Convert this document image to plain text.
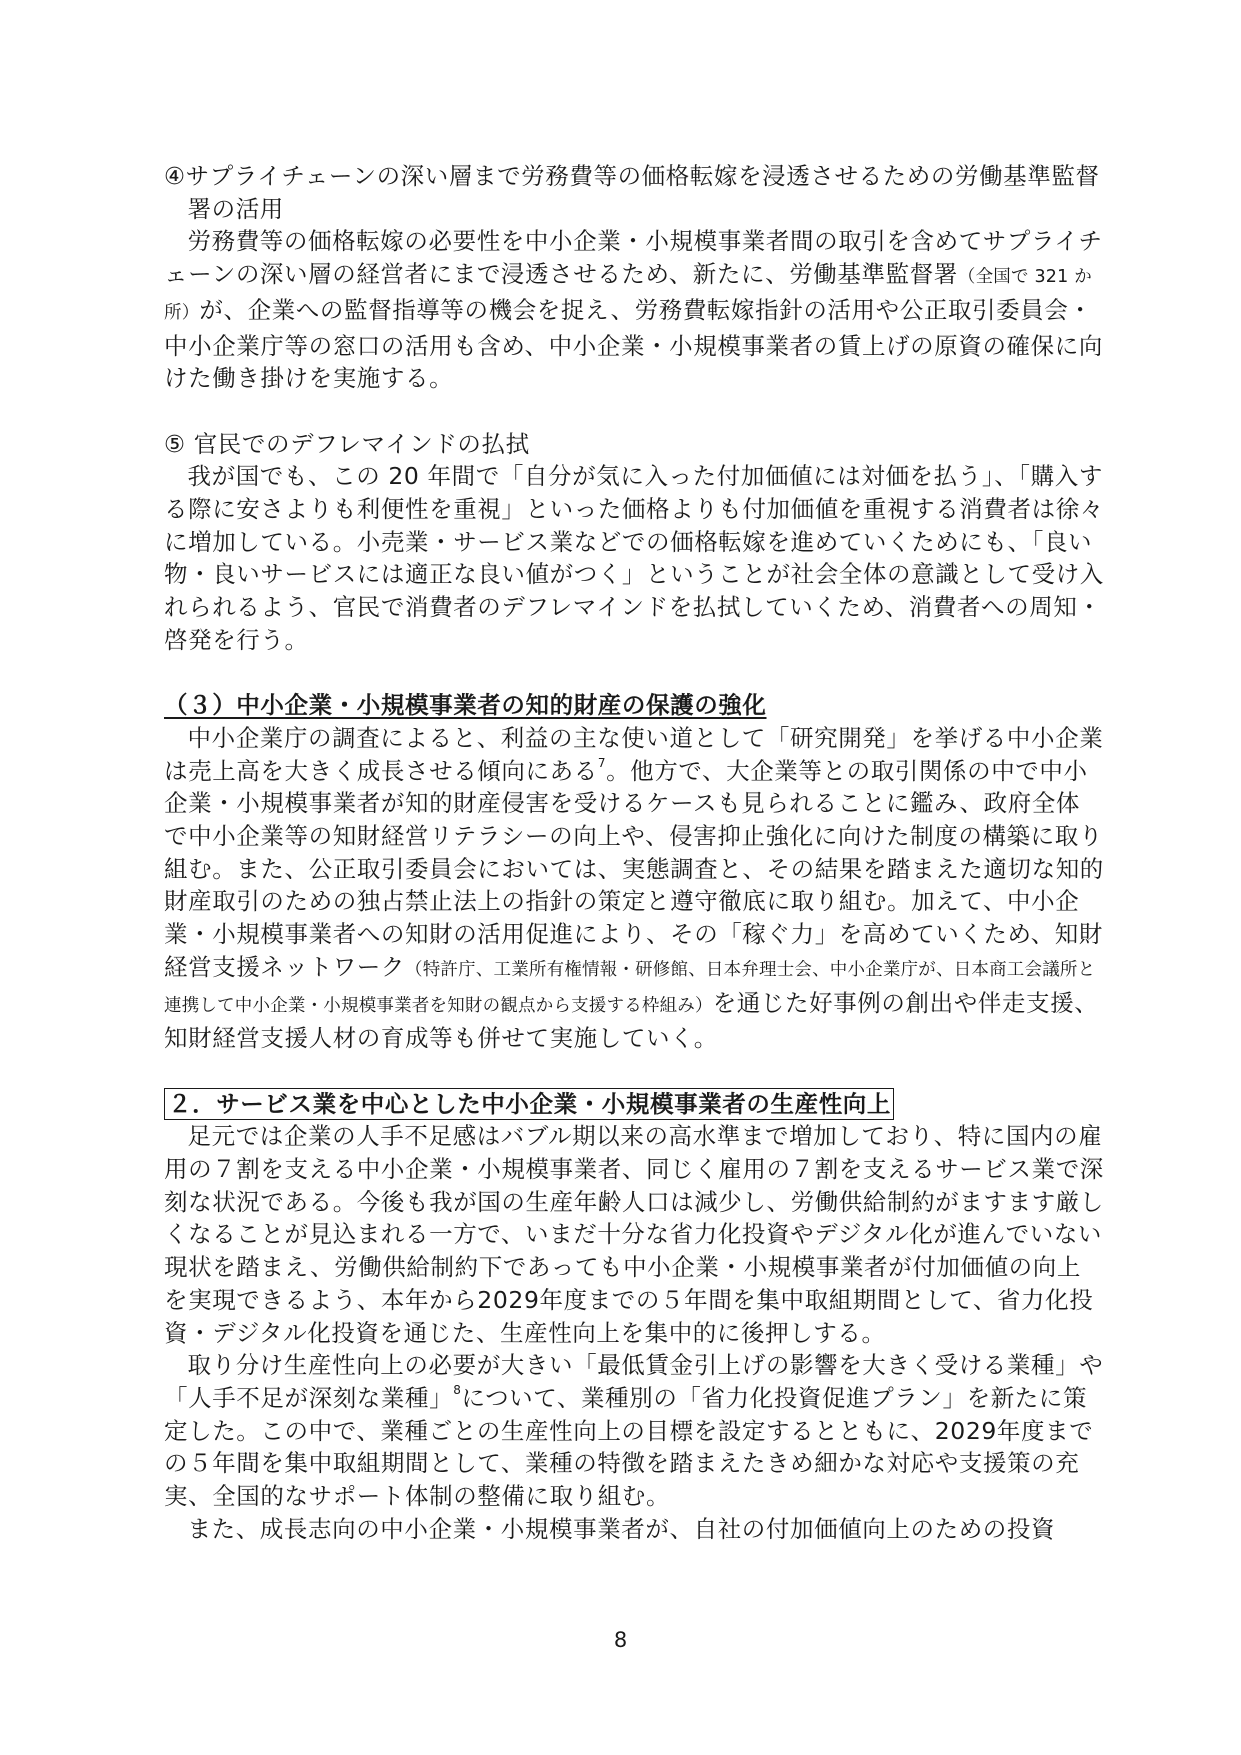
④サプライチェーンの深い層まで労務費等の価格転嫁を浸透させるための労働基準監督署の活用

労務費等の価格転嫁の必要性を中小企業・小規模事業者間の取引を含めてサプライチェーンの深い層の経営者にまで浸透させるため、新たに、労働基準監督署（全国で 321 か所）が、企業への監督指導等の機会を捉え、労務費転嫁指針の活用や公正取引委員会・中小企業庁等の窓口の活用も含め、中小企業・小規模事業者の賃上げの原資の確保に向けた働き掛けを実施する。

⑤ 官民でのデフレマインドの払拭

我が国でも、この 20 年間で「自分が気に入った付加価値には対価を払う」、「購入する際に安さよりも利便性を重視」といった価格よりも付加価値を重視する消費者は徐々に増加している。小売業・サービス業などでの価格転嫁を進めていくためにも、「良い物・良いサービスには適正な良い値がつく」ということが社会全体の意識として受け入れられるよう、官民で消費者のデフレマインドを払拭していくため、消費者への周知・啓発を行う。

（３）中小企業・小規模事業者の知的財産の保護の強化

中小企業庁の調査によると、利益の主な使い道として「研究開発」を挙げる中小企業は売上高を大きく成長させる傾向にある$^7$。他方で、大企業等との取引関係の中で中小企業・小規模事業者が知的財産侵害を受けるケースも見られることに鑑み、政府全体で中小企業等の知財経営リテラシーの向上や、侵害抑止強化に向けた制度の構築に取り組む。また、公正取引委員会においては、実態調査と、その結果を踏まえた適切な知的財産取引のための独占禁止法上の指針の策定と遵守徹底に取り組む。加えて、中小企業・小規模事業者への知財の活用促進により、その「稼ぐ力」を高めていくため、知財経営支援ネットワーク（特許庁、工業所有権情報・研修館、日本弁理士会、中小企業庁が、日本商工会議所と連携して中小企業・小規模事業者を知財の観点から支援する枠組み）を通じた好事例の創出や伴走支援、知財経営支援人材の育成等も併せて実施していく。

２．サービス業を中心とした中小企業・小規模事業者の生産性向上

足元では企業の人手不足感はバブル期以来の高水準まで増加しており、特に国内の雇用の７割を支える中小企業・小規模事業者、同じく雇用の７割を支えるサービス業で深刻な状況である。今後も我が国の生産年齢人口は減少し、労働供給制約がますます厳しくなることが見込まれる一方で、いまだ十分な省力化投資やデジタル化が進んでいない現状を踏まえ、労働供給制約下であっても中小企業・小規模事業者が付加価値の向上を実現できるよう、本年から2029年度までの５年間を集中取組期間として、省力化投資・デジタル化投資を通じた、生産性向上を集中的に後押しする。

取り分け生産性向上の必要が大きい「最低賃金引上げの影響を大きく受ける業種」や「人手不足が深刻な業種」$^8$について、業種別の「省力化投資促進プラン」を新たに策定した。この中で、業種ごとの生産性向上の目標を設定するとともに、2029年度までの５年間を集中取組期間として、業種の特徴を踏まえたきめ細かな対応や支援策の充実、全国的なサポート体制の整備に取り組む。

また、成長志向の中小企業・小規模事業者が、自社の付加価値向上のための投資

8
